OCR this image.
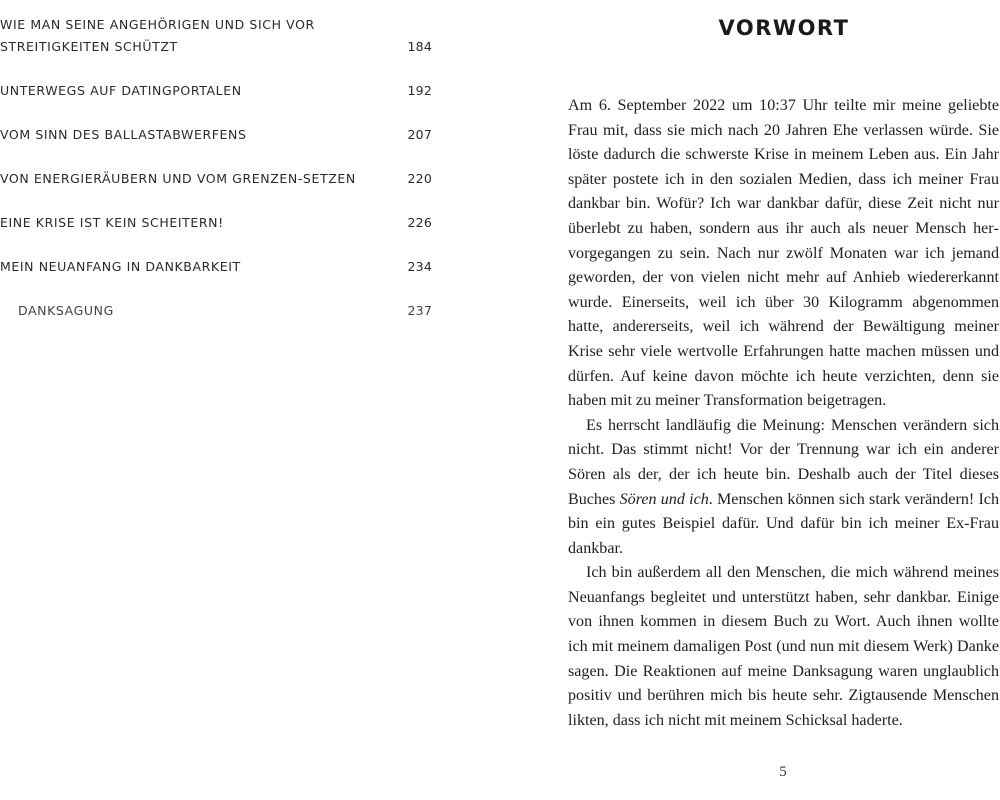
WIE MAN SEINE ANGEHÖRIGEN UND SICH VOR
STREITIGKEITEN SCHÜTZT	184
UNTERWEGS AUF DATINGPORTALEN	192
VOM SINN DES BALLASTABWERFENS	207
VON ENERGIERÄUBERN UND VOM GRENZEN-SETZEN	220
EINE KRISE IST KEIN SCHEITERN!	226
MEIN NEUANFANG IN DANKBARKEIT	234
DANKSAGUNG	237
VORWORT

Am 6. September 2022 um 10:37 Uhr teilte mir meine geliebte Frau mit, dass sie mich nach 20 Jahren Ehe verlassen würde. Sie löste dadurch die schwerste Krise in meinem Leben aus. Ein Jahr später postete ich in den sozialen Medien, dass ich meiner Frau dankbar bin. Wofür? Ich war dankbar dafür, diese Zeit nicht nur überlebt zu haben, sondern aus ihr auch als neuer Mensch hervorgegangen zu sein. Nach nur zwölf Monaten war ich jemand geworden, der von vielen nicht mehr auf Anhieb wiedererkannt wurde. Einerseits, weil ich über 30 Kilogramm abgenommen hatte, andererseits, weil ich während der Bewältigung meiner Krise sehr viele wertvolle Erfahrungen hatte machen müssen und dürfen. Auf keine davon möchte ich heute verzichten, denn sie haben mit zu meiner Transformation beigetragen.

Es herrscht landläufig die Meinung: Menschen verändern sich nicht. Das stimmt nicht! Vor der Trennung war ich ein anderer Sören als der, der ich heute bin. Deshalb auch der Titel dieses Buches Sören und ich. Menschen können sich stark verändern! Ich bin ein gutes Beispiel dafür. Und dafür bin ich meiner Ex-Frau dankbar.

Ich bin außerdem all den Menschen, die mich während meines Neuanfangs begleitet und unterstützt haben, sehr dankbar. Einige von ihnen kommen in diesem Buch zu Wort. Auch ihnen wollte ich mit meinem damaligen Post (und nun mit diesem Werk) Danke sagen. Die Reaktionen auf meine Danksagung waren unglaublich positiv und berühren mich bis heute sehr. Zigtausende Menschen likten, dass ich nicht mit meinem Schicksal haderte.

5
